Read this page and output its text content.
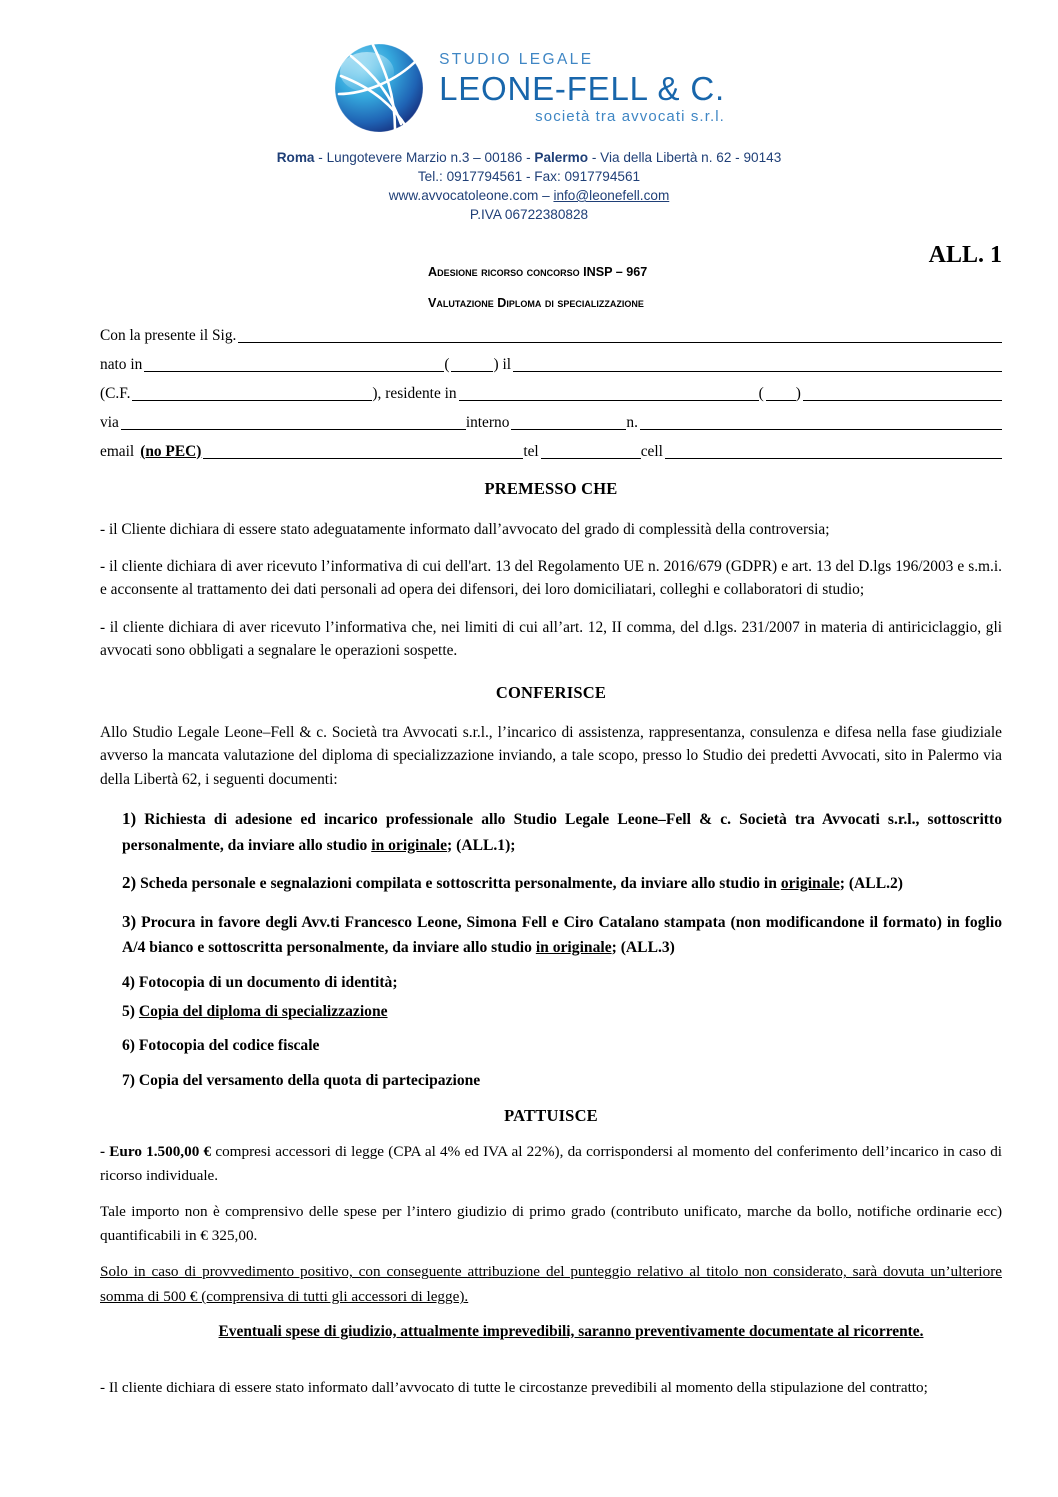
STUDIO LEGALE
LEONE-FELL & C.
società tra avvocati s.r.l.
Roma - Lungotevere Marzio n.3 – 00186 - Palermo - Via della Libertà n. 62 - 90143
Tel.: 0917794561 - Fax: 0917794561
www.avvocatoleone.com – info@leonefell.com
P.IVA 06722380828
ALL. 1
Adesione ricorso concorso INSP – 967
Valutazione Diploma di specializzazione
Con la presente il Sig.
nato in	(	) il
(C.F.	), residente in	( )
via	interno	n.
email (no PEC)	tel	cell
PREMESSO CHE

- il Cliente dichiara di essere stato adeguatamente informato dall’avvocato del grado di complessità della controversia;

- il cliente dichiara di aver ricevuto l’informativa di cui dell'art. 13 del Regolamento UE n. 2016/679 (GDPR) e art. 13 del D.lgs 196/2003 e s.m.i. e acconsente al trattamento dei dati personali ad opera dei difensori, dei loro domiciliatari, colleghi e collaboratori di studio;

- il cliente dichiara di aver ricevuto l’informativa che, nei limiti di cui all’art. 12, II comma, del d.lgs. 231/2007 in materia di antiriciclaggio, gli avvocati sono obbligati a segnalare le operazioni sospette.

CONFERISCE

Allo Studio Legale Leone–Fell & c. Società tra Avvocati s.r.l., l’incarico di assistenza, rappresentanza, consulenza e difesa nella fase giudiziale avverso la mancata valutazione del diploma di specializzazione inviando, a tale scopo, presso lo Studio dei predetti Avvocati, sito in Palermo via della Libertà 62, i seguenti documenti:

1) Richiesta di adesione ed incarico professionale allo Studio Legale Leone–Fell & c. Società tra Avvocati s.r.l., sottoscritto personalmente, da inviare allo studio in originale; (ALL.1);

2) Scheda personale e segnalazioni compilata e sottoscritta personalmente, da inviare allo studio in originale; (ALL.2)

3) Procura in favore degli Avv.ti Francesco Leone, Simona Fell e Ciro Catalano stampata (non modificandone il formato) in foglio A/4 bianco e sottoscritta personalmente, da inviare allo studio in originale; (ALL.3)

4) Fotocopia di un documento di identità;

5) Copia del diploma di specializzazione

6) Fotocopia del codice fiscale

7) Copia del versamento della quota di partecipazione

PATTUISCE

- Euro 1.500,00 € compresi accessori di legge (CPA al 4% ed IVA al 22%), da corrispondersi al momento del conferimento dell’incarico in caso di ricorso individuale.

Tale importo non è comprensivo delle spese per l’intero giudizio di primo grado (contributo unificato, marche da bollo, notifiche ordinarie ecc) quantificabili in € 325,00.

Solo in caso di provvedimento positivo, con conseguente attribuzione del punteggio relativo al titolo non considerato, sarà dovuta un’ulteriore somma di 500 € (comprensiva di tutti gli accessori di legge).

Eventuali spese di giudizio, attualmente imprevedibili, saranno preventivamente documentate al ricorrente.

- Il cliente dichiara di essere stato informato dall’avvocato di tutte le circostanze prevedibili al momento della stipulazione del contratto;
